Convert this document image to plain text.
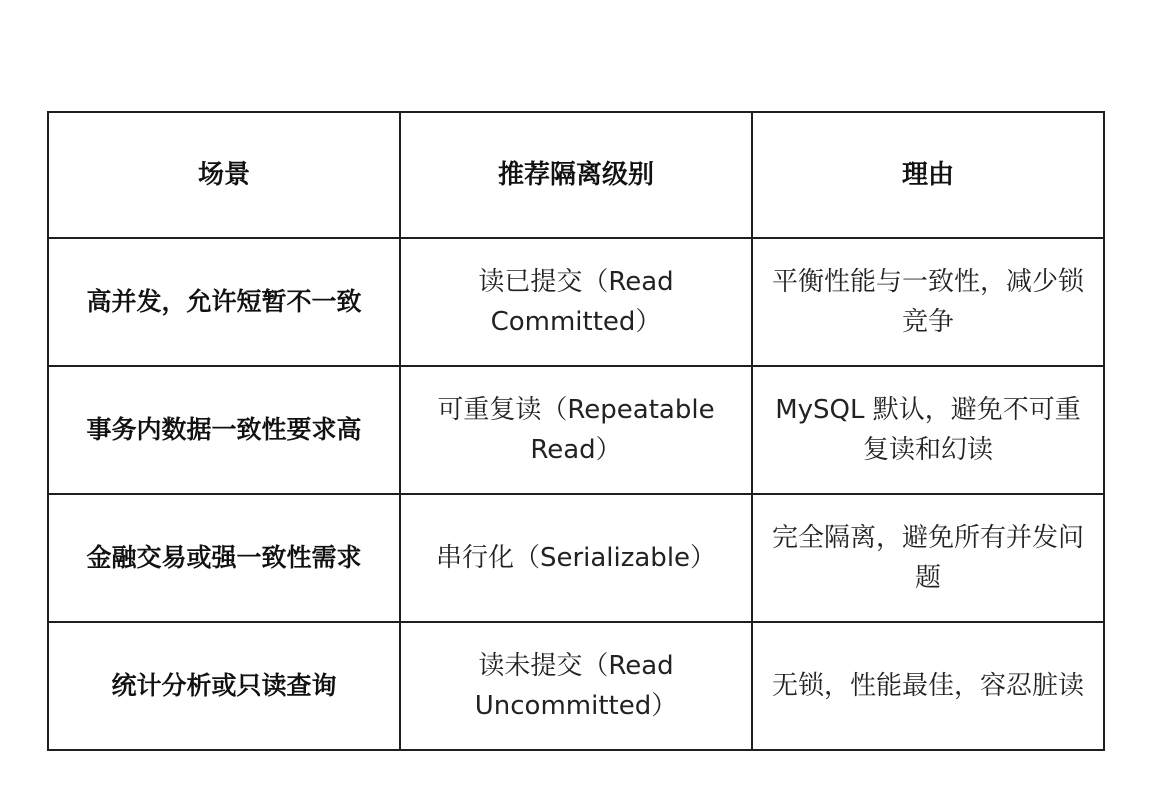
场景	推荐隔离级别	理由
高并发，允许短暂不一致	读已提交（Read Committed）	平衡性能与一致性，减少锁竞争
事务内数据一致性要求高	可重复读（Repeatable Read）	MySQL 默认，避免不可重复读和幻读
金融交易或强一致性需求	串行化（Serializable）	完全隔离，避免所有并发问题
统计分析或只读查询	读未提交（Read Uncommitted）	无锁，性能最佳，容忍脏读
